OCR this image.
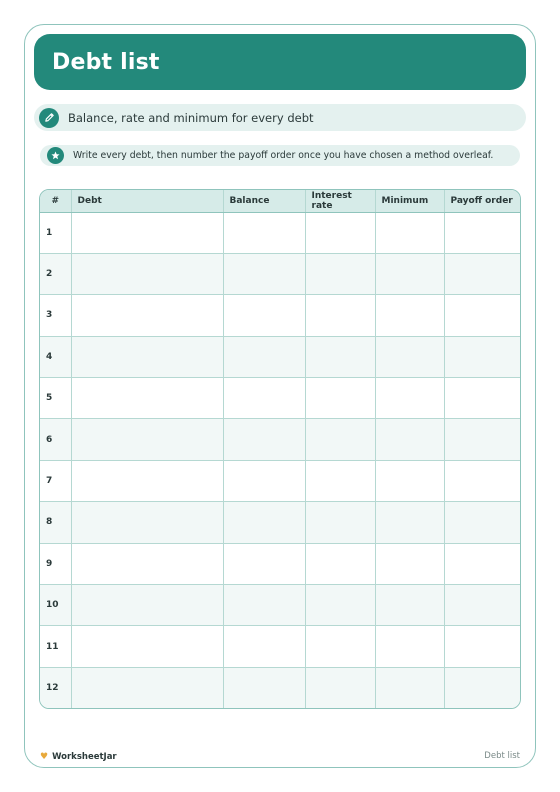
Debt list
Balance, rate and minimum for every debt
Write every debt, then number the payoff order once you have chosen a method overleaf.
#	Debt	Balance	Interest rate	Minimum	Payoff order
1					
2					
3					
4					
5					
6					
7					
8					
9					
10					
11					
12					
♥ WorksheetJar	Debt list
